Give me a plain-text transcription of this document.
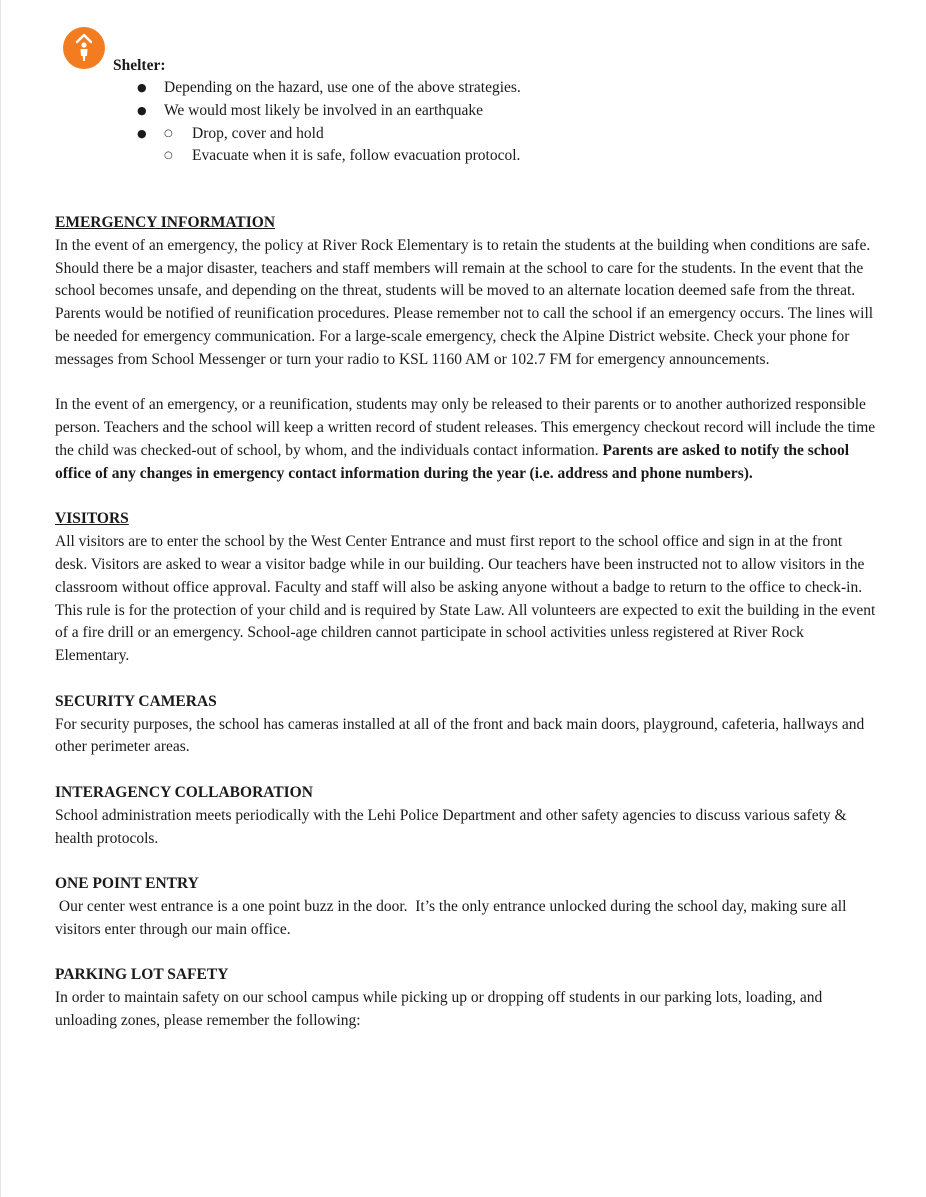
Shelter:

● Depending on the hazard, use one of the above strategies.
● We would most likely be involved in an earthquake
○ ● Drop, cover and hold
○ Evacuate when it is safe, follow evacuation protocol.

EMERGENCY INFORMATION

In the event of an emergency, the policy at River Rock Elementary is to retain the students at the building when conditions are safe. Should there be a major disaster, teachers and staff members will remain at the school to care for the students. In the event that the school becomes unsafe, and depending on the threat, students will be moved to an alternate location deemed safe from the threat. Parents would be notified of reunification procedures. Please remember not to call the school if an emergency occurs. The lines will be needed for emergency communication. For a large-scale emergency, check the Alpine District website. Check your phone for messages from School Messenger or turn your radio to KSL 1160 AM or 102.7 FM for emergency announcements.

In the event of an emergency, or a reunification, students may only be released to their parents or to another authorized responsible person. Teachers and the school will keep a written record of student releases. This emergency checkout record will include the time the child was checked-out of school, by whom, and the individuals contact information. Parents are asked to notify the school office of any changes in emergency contact information during the year (i.e. address and phone numbers).

VISITORS

All visitors are to enter the school by the West Center Entrance and must first report to the school office and sign in at the front desk. Visitors are asked to wear a visitor badge while in our building. Our teachers have been instructed not to allow visitors in the classroom without office approval. Faculty and staff will also be asking anyone without a badge to return to the office to check-in. This rule is for the protection of your child and is required by State Law. All volunteers are expected to exit the building in the event of a fire drill or an emergency. School-age children cannot participate in school activities unless registered at River Rock Elementary.

SECURITY CAMERAS

For security purposes, the school has cameras installed at all of the front and back main doors, playground, cafeteria, hallways and other perimeter areas.

INTERAGENCY COLLABORATION

School administration meets periodically with the Lehi Police Department and other safety agencies to discuss various safety & health protocols.

ONE POINT ENTRY

Our center west entrance is a one point buzz in the door.  It’s the only entrance unlocked during the school day, making sure all visitors enter through our main office.

PARKING LOT SAFETY

In order to maintain safety on our school campus while picking up or dropping off students in our parking lots, loading, and unloading zones, please remember the following:
